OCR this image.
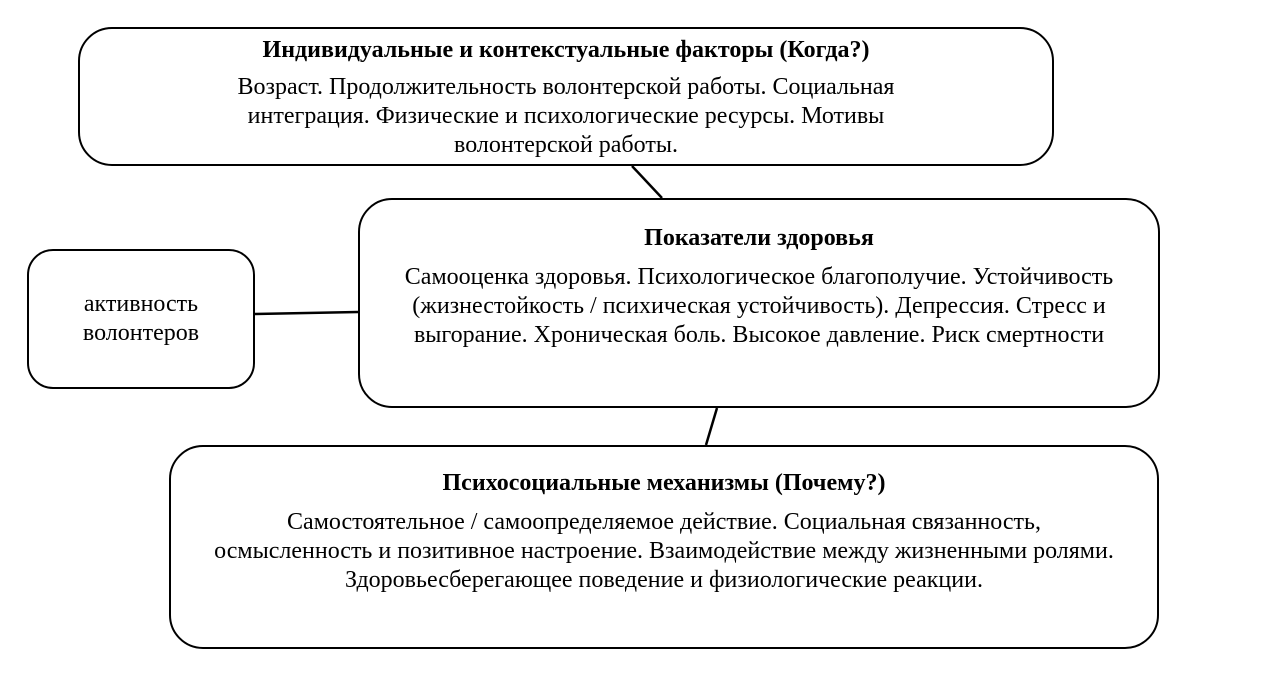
Индивидуальные и контекстуальные факторы (Когда?)
Возраст. Продолжительность волонтерской работы. Социальная интеграция. Физические и психологические ресурсы. Мотивы волонтерской работы.
Показатели здоровья
Самооценка здоровья. Психологическое благополучие. Устойчивость (жизнестойкость / психическая устойчивость). Депрессия. Стресс и выгорание. Хроническая боль. Высокое давление. Риск смертности
активность волонтеров
Психосоциальные механизмы (Почему?)
Самостоятельное / самоопределяемое действие. Социальная связанность, осмысленность и позитивное настроение. Взаимодействие между жизненными ролями. Здоровьесберегающее поведение и физиологические реакции.
